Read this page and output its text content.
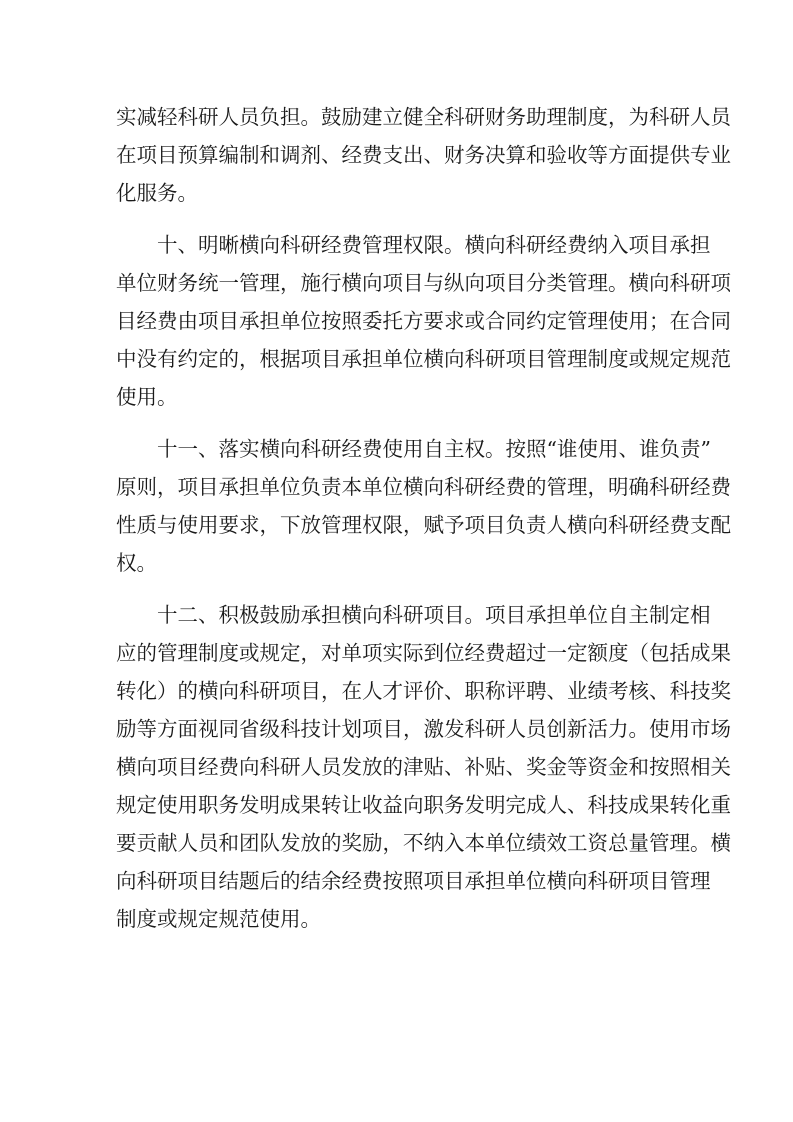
实减轻科研人员负担。鼓励建立健全科研财务助理制度，为科研人员
在项目预算编制和调剂、经费支出、财务决算和验收等方面提供专业
化服务。
十、明晰横向科研经费管理权限。横向科研经费纳入项目承担
单位财务统一管理，施行横向项目与纵向项目分类管理。横向科研项
目经费由项目承担单位按照委托方要求或合同约定管理使用；在合同
中没有约定的，根据项目承担单位横向科研项目管理制度或规定规范
使用。
十一、落实横向科研经费使用自主权。按照“谁使用、谁负责”
原则，项目承担单位负责本单位横向科研经费的管理，明确科研经费
性质与使用要求，下放管理权限，赋予项目负责人横向科研经费支配
权。
十二、积极鼓励承担横向科研项目。项目承担单位自主制定相
应的管理制度或规定，对单项实际到位经费超过一定额度（包括成果
转化）的横向科研项目，在人才评价、职称评聘、业绩考核、科技奖
励等方面视同省级科技计划项目，激发科研人员创新活力。使用市场
横向项目经费向科研人员发放的津贴、补贴、奖金等资金和按照相关
规定使用职务发明成果转让收益向职务发明完成人、科技成果转化重
要贡献人员和团队发放的奖励，不纳入本单位绩效工资总量管理。横
向科研项目结题后的结余经费按照项目承担单位横向科研项目管理
制度或规定规范使用。
